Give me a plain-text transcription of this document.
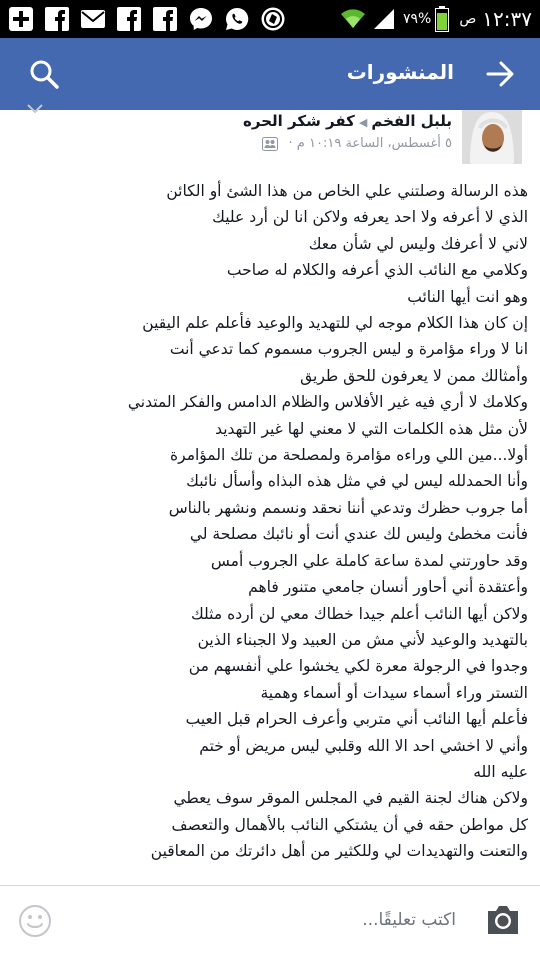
٧٩% ص ١٢:٣٧
المنشورات
بلبل الفخم◀كفر شكر الحره
٥ أغسطس، الساعة ١٠:١٩ م ·

هذه الرسالة وصلتني علي الخاص من هذا الشئ أو الكائن

الذي لا أعرفه ولا احد يعرفه ولاكن انا لن أرد عليك

لاني لا أعرفك وليس لي شأن معك

وكلامي مع النائب الذي أعرفه والكلام له صاحب

وهو انت أيها النائب

إن كان هذا الكلام موجه لي للتهديد والوعيد فأعلم علم اليقين

انا لا وراء مؤامرة و ليس الجروب مسموم كما تدعي أنت

وأمثالك ممن لا يعرفون للحق طريق

وكلامك لا أري فيه غير الأفلاس والظلام الدامس والفكر المتدني

لأن مثل هذه الكلمات التي لا معني لها غير التهديد

أولا...مين اللي وراءه مؤامرة ولمصلحة من تلك المؤامرة

وأنا الحمدلله ليس لي في مثل هذه البذاه وأسأل نائبك

أما جروب حظرك وتدعي أننا نحقد ونسمم ونشهر بالناس

فأنت مخطئ وليس لك عندي أنت أو نائبك مصلحة لي

وقد حاورتني لمدة ساعة كاملة علي الجروب أمس

وأعتقدة أني أحاور أنسان جامعي متنور فاهم

ولاكن أيها النائب أعلم جيدا خطاك معي لن أرده مثلك

بالتهديد والوعيد لأني مش من العبيد ولا الجبناء الذين

وجدوا في الرجولة معرة لكي يخشوا علي أنفسهم من

التستر وراء أسماء سيدات أو أسماء وهمية

فأعلم أيها النائب أني متربي وأعرف الحرام قبل العيب

وأني لا اخشي احد الا الله وقلبي ليس مريض أو ختم

عليه الله

ولاكن هناك لجنة القيم في المجلس الموقر سوف يعطي

كل مواطن حقه في أن يشتكي النائب بالأهمال والتعصف

والتعنت والتهديدات لي وللكثير من أهل دائرتك من المعاقين

اكتب تعليقًا...
